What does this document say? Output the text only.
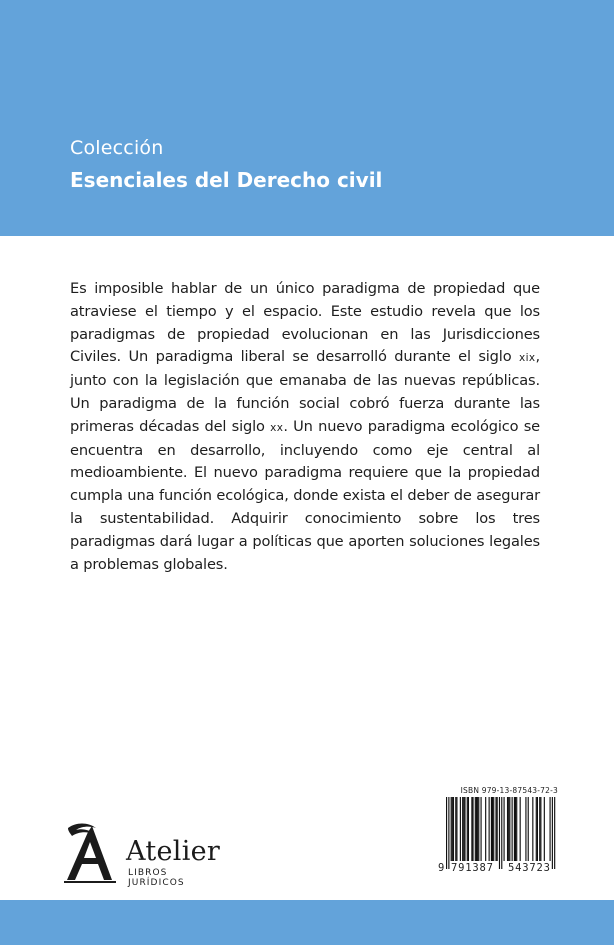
Colección
Esenciales del Derecho civil

Es imposible hablar de un único paradigma de propiedad que atraviese el tiempo y el espacio. Este estudio revela que los paradigmas de propiedad evolucionan en las Jurisdicciones Civiles. Un paradigma liberal se desarrolló durante el siglo xix, junto con la legislación que emanaba de las nuevas repúblicas. Un paradigma de la función social cobró fuerza durante las primeras décadas del siglo xx. Un nuevo paradigma ecológico se encuentra en desarrollo, incluyendo como eje central al medioambiente. El nuevo paradigma requiere que la propiedad cumpla una función ecológica, donde exista el deber de asegurar la sustentabilidad. Adquirir conocimiento sobre los tres paradigmas dará lugar a políticas que aporten soluciones legales a problemas globales.

Atelier
LIBROS JURÍDICOS
ISBN 979-13-87543-72-3
9 791387 543723
